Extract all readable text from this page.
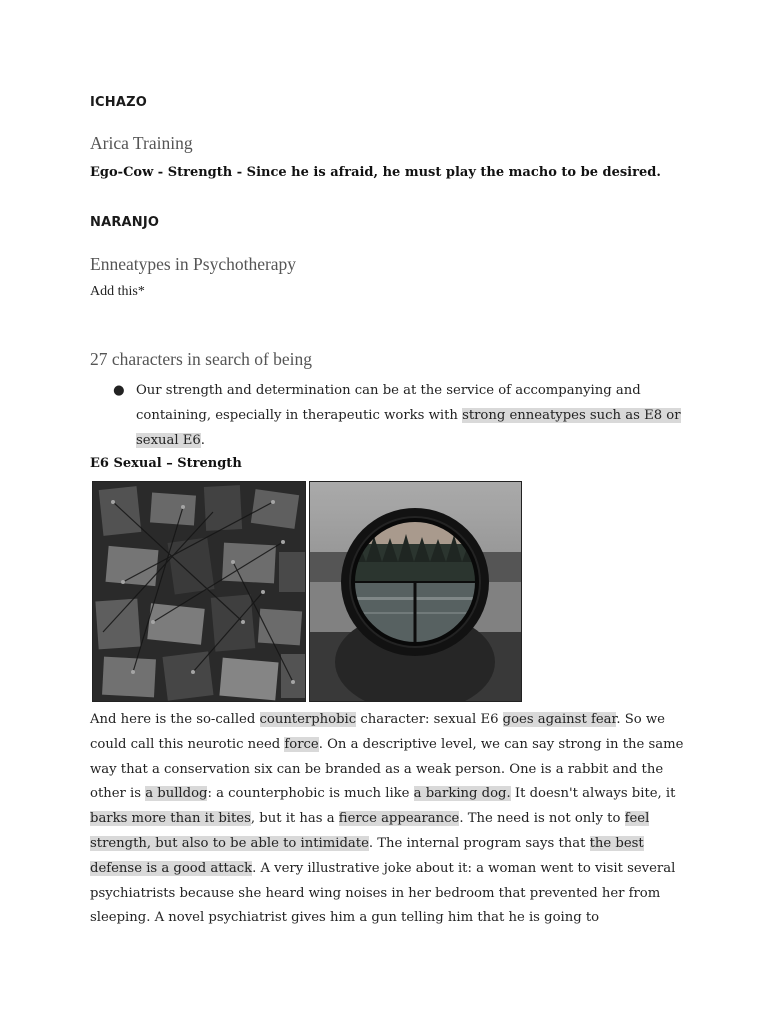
ICHAZO
Arica Training
Ego-Cow - Strength - Since he is afraid, he must play the macho to be desired.
NARANJO
Enneatypes in Psychotherapy
Add this*
27 characters in search of being
● Our strength and determination can be at the service of accompanying and containing, especially in therapeutic works with strong enneatypes such as E8 or sexual E6.
E6 Sexual – Strength

And here is the so-called counterphobic character: sexual E6 goes against fear. So we could call this neurotic need force. On a descriptive level, we can say strong in the same way that a conservation six can be branded as a weak person. One is a rabbit and the other is a bulldog: a counterphobic is much like a barking dog. It doesn't always bite, it barks more than it bites, but it has a fierce appearance. The need is not only to feel strength, but also to be able to intimidate. The internal program says that the best defense is a good attack. A very illustrative joke about it: a woman went to visit several psychiatrists because she heard wing noises in her bedroom that prevented her from sleeping. A novel psychiatrist gives him a gun telling him that he is going to
